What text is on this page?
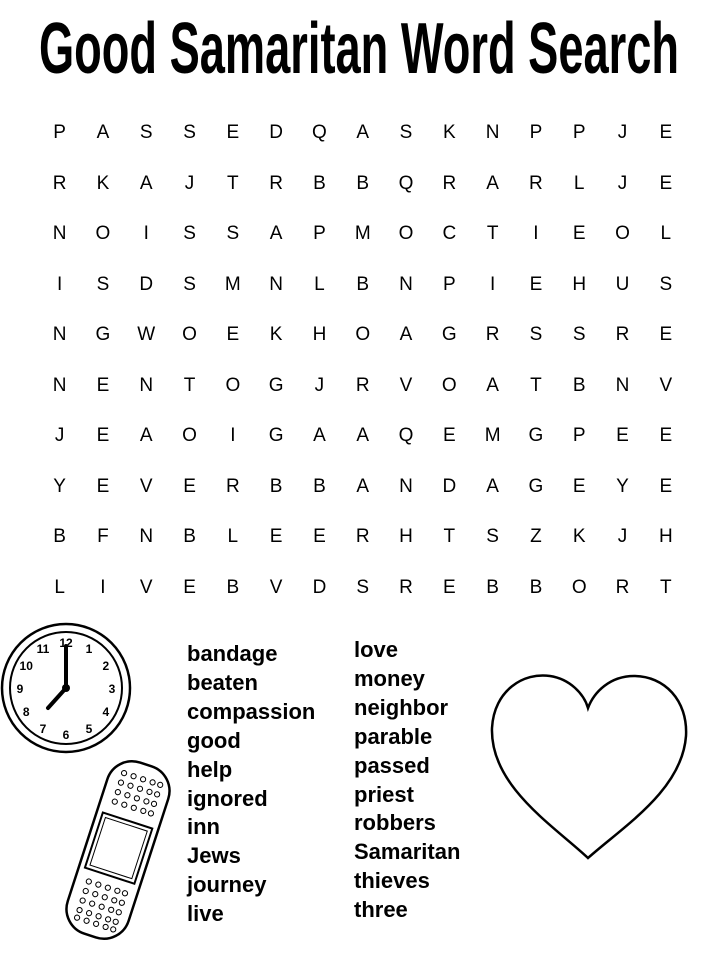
Good Samaritan Word Search
P	A	S	S	E	D	Q	A	S	K	N	P	P	J	E
R	K	A	J	T	R	B	B	Q	R	A	R	L	J	E
N	O	I	S	S	A	P	M	O	C	T	I	E	O	L
I	S	D	S	M	N	L	B	N	P	I	E	H	U	S
N	G	W	O	E	K	H	O	A	G	R	S	S	R	E
N	E	N	T	O	G	J	R	V	O	A	T	B	N	V
J	E	A	O	I	G	A	A	Q	E	M	G	P	E	E
Y	E	V	E	R	B	B	A	N	D	A	G	E	Y	E
B	F	N	B	L	E	E	R	H	T	S	Z	K	J	H
L	I	V	E	B	V	D	S	R	E	B	B	O	R	T
bandage
beaten
compassion
good
help
ignored
inn
Jews
journey
live
love
money
neighbor
parable
passed
priest
robbers
Samaritan
thieves
three
12 1
2
3
4
5
6
7
8
9
10
11
